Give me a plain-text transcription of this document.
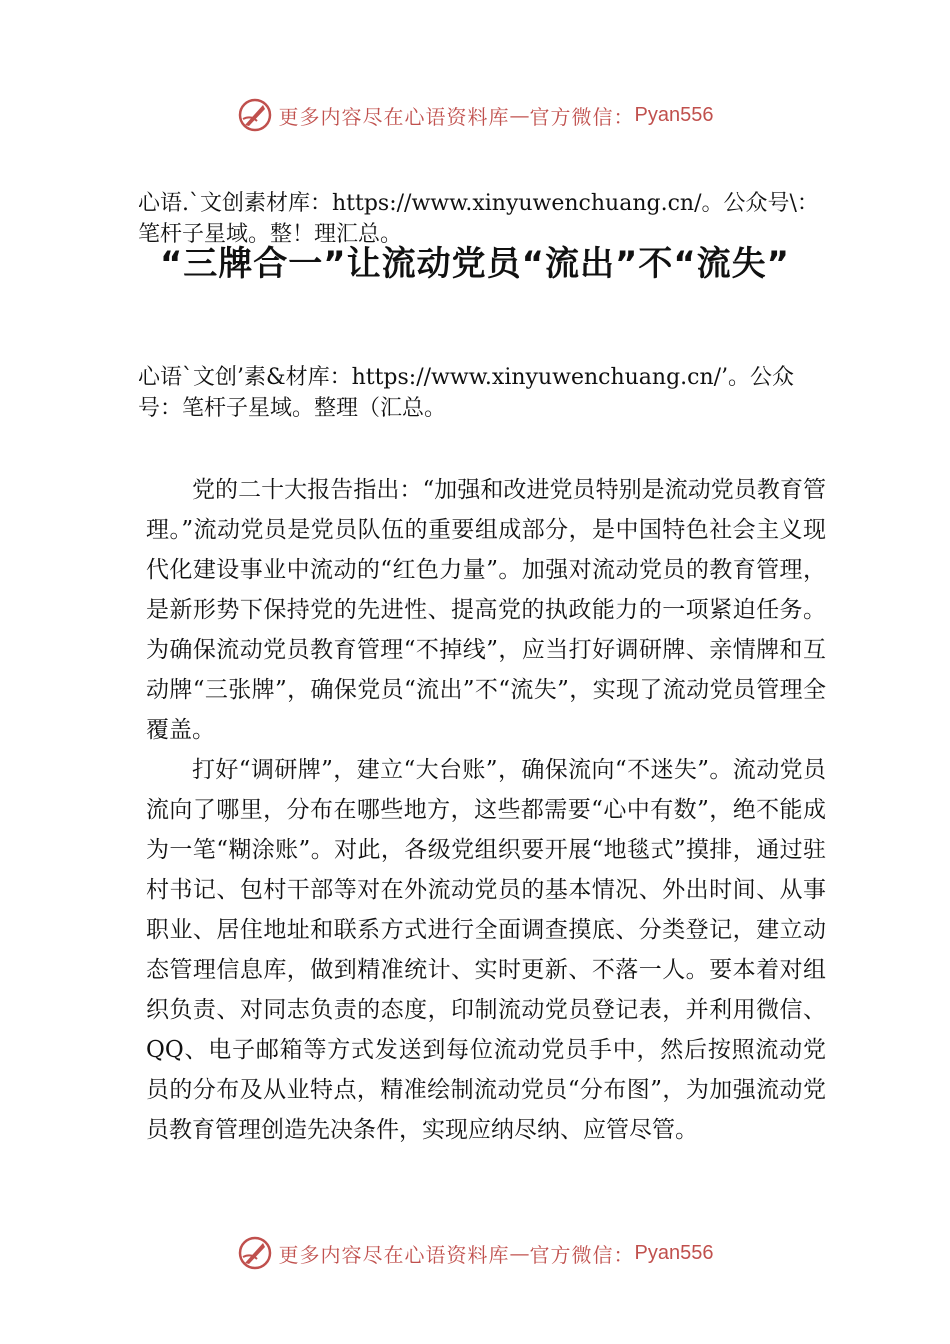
更多内容尽在心语资料库 — 官方微信： Pyan556
心语.`文创素材库：https://www.xinyuwenchuang.cn/。公众号\：笔杆子星域。整！理汇总。
“三牌合一”让流动党员“流出”不“流失”
心语`文创’素&材库：https://www.xinyuwenchuang.cn/’。公众号：笔杆子星域。整理（汇总。

党的二十大报告指出：“加强和改进党员特别是流动党员教育管理。”流动党员是党员队伍的重要组成部分，是中国特色社会主义现代化建设事业中流动的“红色力量”。加强对流动党员的教育管理，是新形势下保持党的先进性、提高党的执政能力的一项紧迫任务。为确保流动党员教育管理“不掉线”，应当打好调研牌、亲情牌和互动牌“三张牌”，确保党员“流出”不“流失”，实现了流动党员管理全覆盖。

打好“调研牌”，建立“大台账”，确保流向“不迷失”。流动党员流向了哪里，分布在哪些地方，这些都需要“心中有数”，绝不能成为一笔“糊涂账”。对此，各级党组织要开展“地毯式”摸排，通过驻村书记、包村干部等对在外流动党员的基本情况、外出时间、从事职业、居住地址和联系方式进行全面调查摸底、分类登记，建立动态管理信息库，做到精准统计、实时更新、不落一人。要本着对组织负责、对同志负责的态度，印制流动党员登记表，并利用微信、QQ、电子邮箱等方式发送到每位流动党员手中，然后按照流动党员的分布及从业特点，精准绘制流动党员“分布图”，为加强流动党员教育管理创造先决条件，实现应纳尽纳、应管尽管。

更多内容尽在心语资料库 — 官方微信： Pyan556
